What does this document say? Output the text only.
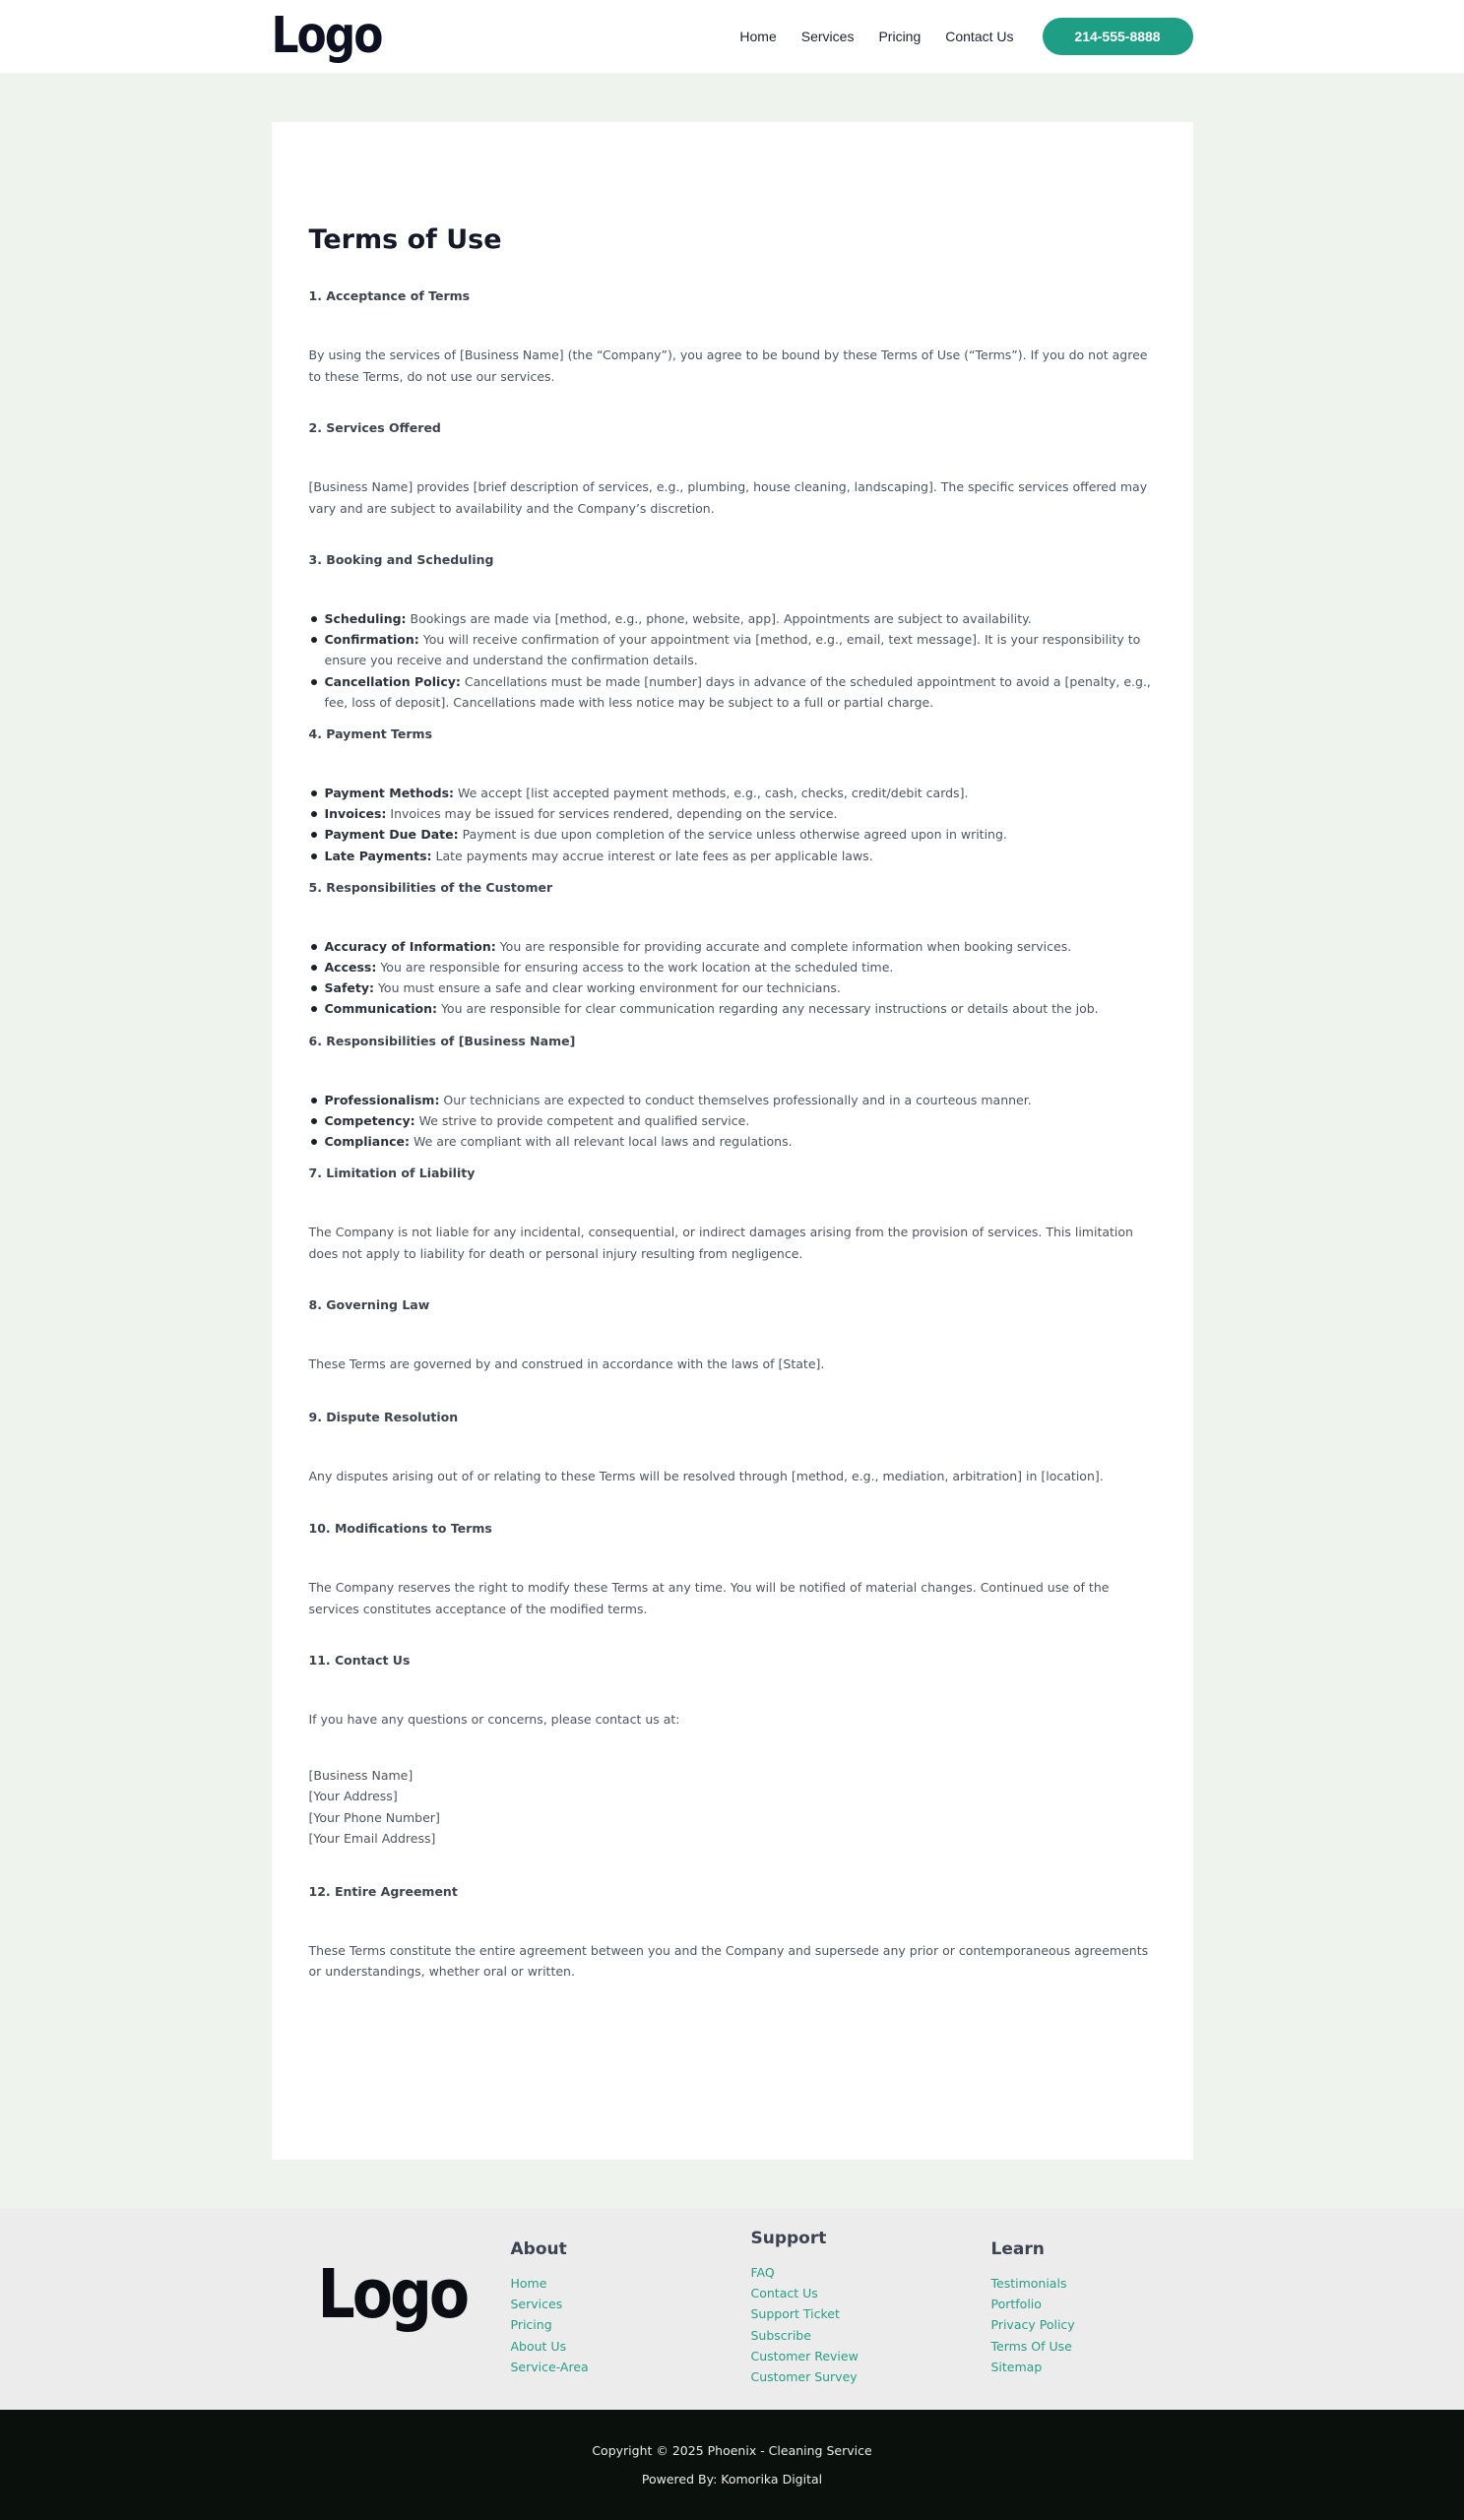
Logo	Home Services Pricing Contact Us	214-555-8888
Terms of Use
1. Acceptance of Terms

By using the services of [Business Name] (the “Company”), you agree to be bound by these Terms of Use (“Terms”). If you do not agree to these Terms, do not use our services.

2. Services Offered

[Business Name] provides [brief description of services, e.g., plumbing, house cleaning, landscaping]. The specific services offered may vary and are subject to availability and the Company’s discretion.

3. Booking and Scheduling
Scheduling: Bookings are made via [method, e.g., phone, website, app]. Appointments are subject to availability.
Confirmation: You will receive confirmation of your appointment via [method, e.g., email, text message]. It is your responsibility to ensure you receive and understand the confirmation details.
Cancellation Policy: Cancellations must be made [number] days in advance of the scheduled appointment to avoid a [penalty, e.g., fee, loss of deposit]. Cancellations made with less notice may be subject to a full or partial charge.
4. Payment Terms
Payment Methods: We accept [list accepted payment methods, e.g., cash, checks, credit/debit cards].
Invoices: Invoices may be issued for services rendered, depending on the service.
Payment Due Date: Payment is due upon completion of the service unless otherwise agreed upon in writing.
Late Payments: Late payments may accrue interest or late fees as per applicable laws.
5. Responsibilities of the Customer
Accuracy of Information: You are responsible for providing accurate and complete information when booking services.
Access: You are responsible for ensuring access to the work location at the scheduled time.
Safety: You must ensure a safe and clear working environment for our technicians.
Communication: You are responsible for clear communication regarding any necessary instructions or details about the job.
6. Responsibilities of [Business Name]
Professionalism: Our technicians are expected to conduct themselves professionally and in a courteous manner.
Competency: We strive to provide competent and qualified service.
Compliance: We are compliant with all relevant local laws and regulations.
7. Limitation of Liability

The Company is not liable for any incidental, consequential, or indirect damages arising from the provision of services. This limitation does not apply to liability for death or personal injury resulting from negligence.

8. Governing Law

These Terms are governed by and construed in accordance with the laws of [State].

9. Dispute Resolution

Any disputes arising out of or relating to these Terms will be resolved through [method, e.g., mediation, arbitration] in [location].

10. Modifications to Terms

The Company reserves the right to modify these Terms at any time. You will be notified of material changes. Continued use of the services constitutes acceptance of the modified terms.

11. Contact Us

If you have any questions or concerns, please contact us at:

[Business Name]
[Your Address]
[Your Phone Number]
[Your Email Address]
12. Entire Agreement

These Terms constitute the entire agreement between you and the Company and supersede any prior or contemporaneous agreements or understandings, whether oral or written.

Logo
About
Home
Services
Pricing
About Us
Service-Area
Support
FAQ
Contact Us
Support Ticket
Subscribe
Customer Review
Customer Survey
Learn
Testimonials
Portfolio
Privacy Policy
Terms Of Use
Sitemap
Copyright © 2025 Phoenix - Cleaning Service
Powered By: Komorika Digital
